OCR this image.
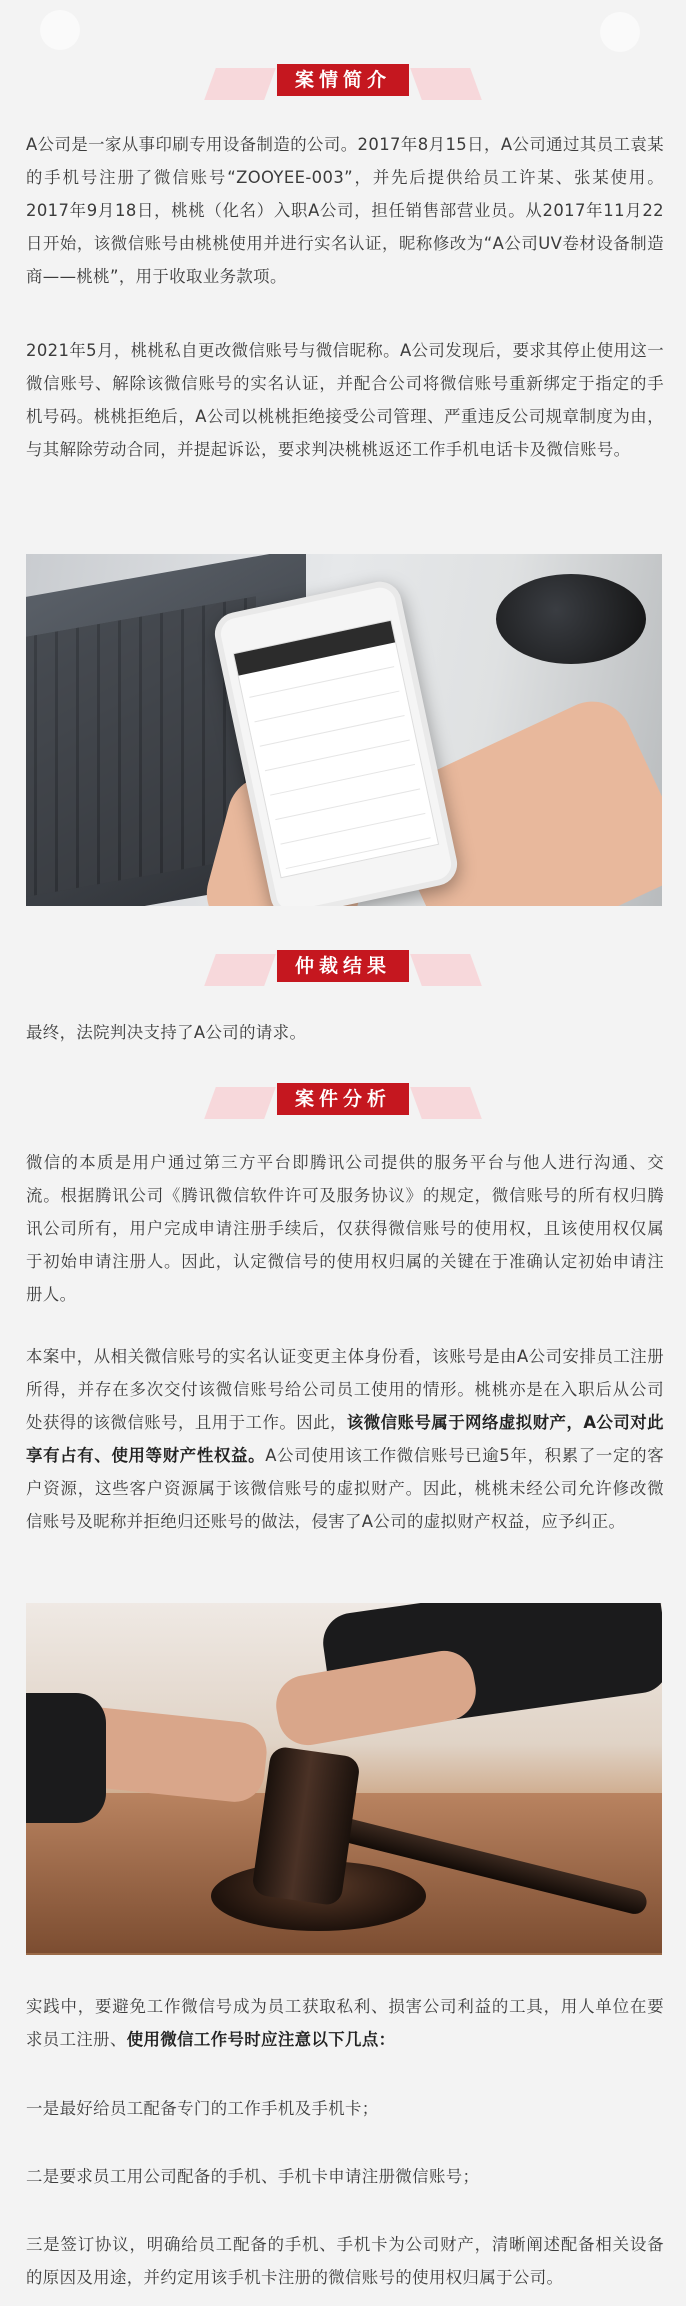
案情简介

A公司是一家从事印刷专用设备制造的公司。2017年8月15日，A公司通过其员工袁某的手机号注册了微信账号“ZOOYEE-003”，并先后提供给员工许某、张某使用。2017年9月18日，桃桃（化名）入职A公司，担任销售部营业员。从2017年11月22日开始，该微信账号由桃桃使用并进行实名认证，昵称修改为“A公司UV卷材设备制造商——桃桃”，用于收取业务款项。

2021年5月，桃桃私自更改微信账号与微信昵称。A公司发现后，要求其停止使用这一微信账号、解除该微信账号的实名认证，并配合公司将微信账号重新绑定于指定的手机号码。桃桃拒绝后，A公司以桃桃拒绝接受公司管理、严重违反公司规章制度为由，与其解除劳动合同，并提起诉讼，要求判决桃桃返还工作手机电话卡及微信账号。

仲裁结果

最终，法院判决支持了A公司的请求。

案件分析

微信的本质是用户通过第三方平台即腾讯公司提供的服务平台与他人进行沟通、交流。根据腾讯公司《腾讯微信软件许可及服务协议》的规定，微信账号的所有权归腾讯公司所有，用户完成申请注册手续后，仅获得微信账号的使用权，且该使用权仅属于初始申请注册人。因此，认定微信号的使用权归属的关键在于准确认定初始申请注册人。

本案中，从相关微信账号的实名认证变更主体身份看，该账号是由A公司安排员工注册所得，并存在多次交付该微信账号给公司员工使用的情形。桃桃亦是在入职后从公司处获得的该微信账号，且用于工作。因此，该微信账号属于网络虚拟财产，A公司对此享有占有、使用等财产性权益。A公司使用该工作微信账号已逾5年，积累了一定的客户资源，这些客户资源属于该微信账号的虚拟财产。因此，桃桃未经公司允许修改微信账号及昵称并拒绝归还账号的做法，侵害了A公司的虚拟财产权益，应予纠正。

实践中，要避免工作微信号成为员工获取私利、损害公司利益的工具，用人单位在要求员工注册、使用微信工作号时应注意以下几点：

一是最好给员工配备专门的工作手机及手机卡；

二是要求员工用公司配备的手机、手机卡申请注册微信账号；

三是签订协议，明确给员工配备的手机、手机卡为公司财产，清晰阐述配备相关设备的原因及用途，并约定用该手机卡注册的微信账号的使用权归属于公司。
